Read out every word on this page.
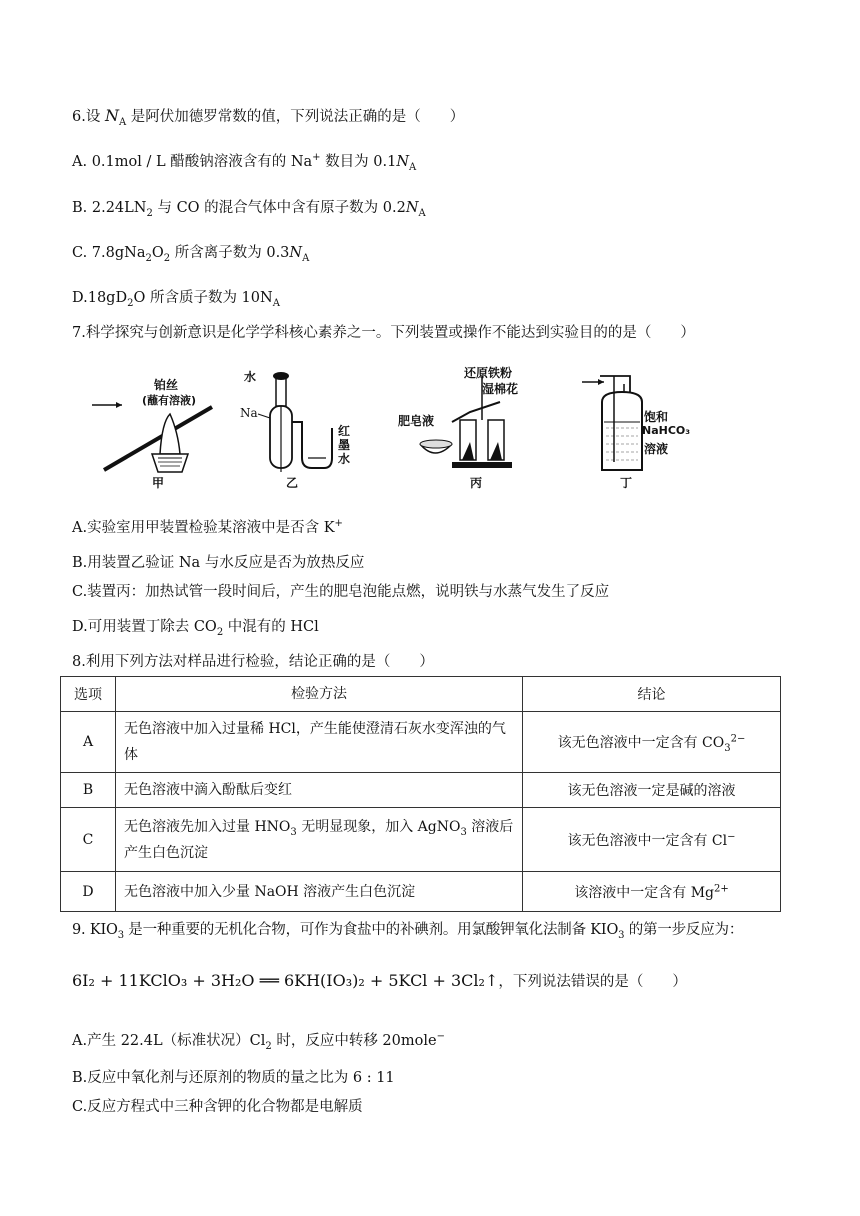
6.设 $N_A$ 是阿伏加德罗常数的值，下列说法正确的是（　　）
A. 0.1mol / L 醋酸钠溶液含有的 Na+ 数目为 $0.1N_A$
B. $2.24LN_2$ 与 CO 的混合气体中含有原子数为 $0.2N_A$
C. $7.8gNa_2O_2$ 所含离子数为 $0.3N_A$
$D.18gD_2O$ 所含质子数为 $10N_A$
7.科学探究与创新意识是化学学科核心素养之一。下列装置或操作不能达到实验目的的是（　　）
铂丝
(蘸有溶液)
甲
水
Na
红
墨
水
乙
还原铁粉
湿棉花
肥皂液
丙
饱和
NaHCO₃
溶液
丁
A.实验室用甲装置检验某溶液中是否含 K+
B.用装置乙验证 Na 与水反应是否为放热反应
C.装置丙：加热试管一段时间后，产生的肥皂泡能点燃，说明铁与水蒸气发生了反应
D.可用装置丁除去 $CO_2$ 中混有的 HCl
8.利用下列方法对样品进行检验，结论正确的是（　　）
选项	检验方法	结论
A	无色溶液中加入过量稀 HCl，产生能使澄清石灰水变浑浊的气体	该无色溶液中一定含有 $CO_3^{2-}$
B	无色溶液中滴入酚酞后变红	该无色溶液一定是碱的溶液
C	无色溶液先加入过量 $HNO_3$ 无明显现象，加入 AgNO$_3$ 溶液后产生白色沉淀	该无色溶液中一定含有 Cl−
D	无色溶液中加入少量 NaOH 溶液产生白色沉淀	该溶液中一定含有 $Mg^{2+}$
9. $KIO_3$ 是一种重要的无机化合物，可作为食盐中的补碘剂。用氯酸钾氧化法制备 $KIO_3$ 的第一步反应为：
6I₂ + 11KClO₃ + 3H₂O ══ 6KH(IO₃)₂ + 5KCl + 3Cl₂↑，下列说法错误的是（　　）
A.产生 22.4L（标准状况）$Cl_2$ 时，反应中转移 20mole−
B.反应中氧化剂与还原剂的物质的量之比为 6 : 11
C.反应方程式中三种含钾的化合物都是电解质
